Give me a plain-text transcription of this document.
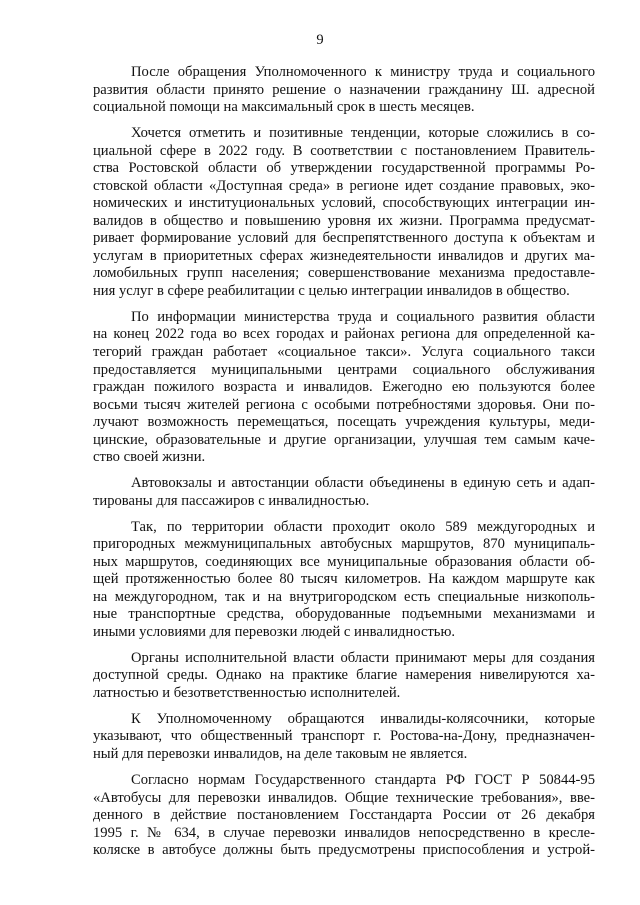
9
После обращения Уполномоченного к министру труда и социального
развития области принято решение о назначении гражданину Ш. адресной
социальной помощи на максимальный срок в шесть месяцев.
Хочется отметить и позитивные тенденции, которые сложились в со-
циальной сфере в 2022 году. В соответствии с постановлением Правитель-
ства Ростовской области об утверждении государственной программы Ро-
стовской области «Доступная среда» в регионе идет создание правовых, эко-
номических и институциональных условий, способствующих интеграции ин-
валидов в общество и повышению уровня их жизни. Программа предусмат-
ривает формирование условий для беспрепятственного доступа к объектам и
услугам в приоритетных сферах жизнедеятельности инвалидов и других ма-
ломобильных групп населения; совершенствование механизма предоставле-
ния услуг в сфере реабилитации с целью интеграции инвалидов в общество.
По информации министерства труда и социального развития области
на конец 2022 года во всех городах и районах региона для определенной ка-
тегорий граждан работает «социальное такси». Услуга социального такси
предоставляется муниципальными центрами социального обслуживания
граждан пожилого возраста и инвалидов. Ежегодно ею пользуются более
восьми тысяч жителей региона с особыми потребностями здоровья. Они по-
лучают возможность перемещаться, посещать учреждения культуры, меди-
цинские, образовательные и другие организации, улучшая тем самым каче-
ство своей жизни.
Автовокзалы и автостанции области объединены в единую сеть и адап-
тированы для пассажиров с инвалидностью.
Так, по территории области проходит около 589 междугородных и
пригородных межмуниципальных автобусных маршрутов, 870 муниципаль-
ных маршрутов, соединяющих все муниципальные образования области об-
щей протяженностью более 80 тысяч километров. На каждом маршруте как
на междугородном, так и на внутригородском есть специальные низкополь-
ные транспортные средства, оборудованные подъемными механизмами и
иными условиями для перевозки людей с инвалидностью.
Органы исполнительной власти области принимают меры для создания
доступной среды. Однако на практике благие намерения нивелируются ха-
латностью и безответственностью исполнителей.
К Уполномоченному обращаются инвалиды-колясочники, которые
указывают, что общественный транспорт г. Ростова-на-Дону, предназначен-
ный для перевозки инвалидов, на деле таковым не является.
Согласно нормам Государственного стандарта РФ ГОСТ Р 50844-95
«Автобусы для перевозки инвалидов. Общие технические требования», вве-
денного в действие постановлением Госстандарта России от 26 декабря
1995 г. № 634, в случае перевозки инвалидов непосредственно в кресле-
коляске в автобусе должны быть предусмотрены приспособления и устрой-
